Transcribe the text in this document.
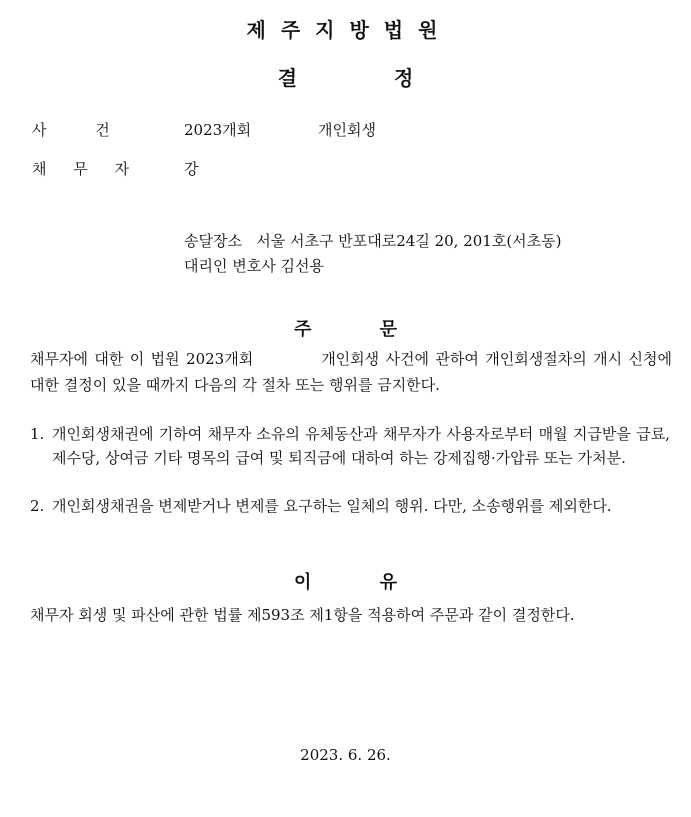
제주지방법원
결 정
사 건	2023개회	개인회생
채 무 자	강
송달장소 서울 서초구 반포대로24길 20, 201호(서초동)
대리인 변호사 김선용
주 문
채무자에 대한 이 법원 2023개회	개인회생 사건에 관하여 개인회생절차의 개시 신청에 대한 결정이 있을 때까지 다음의 각 절차 또는 행위를 금지한다.
1. 개인회생채권에 기하여 채무자 소유의 유체동산과 채무자가 사용자로부터 매월 지급받을 급료, 제수당, 상여금 기타 명목의 급여 및 퇴직금에 대하여 하는 강제집행·가압류 또는 가처분.
2. 개인회생채권을 변제받거나 변제를 요구하는 일체의 행위. 다만, 소송행위를 제외한다.
이 유
채무자 회생 및 파산에 관한 법률 제593조 제1항을 적용하여 주문과 같이 결정한다.
2023. 6. 26.
